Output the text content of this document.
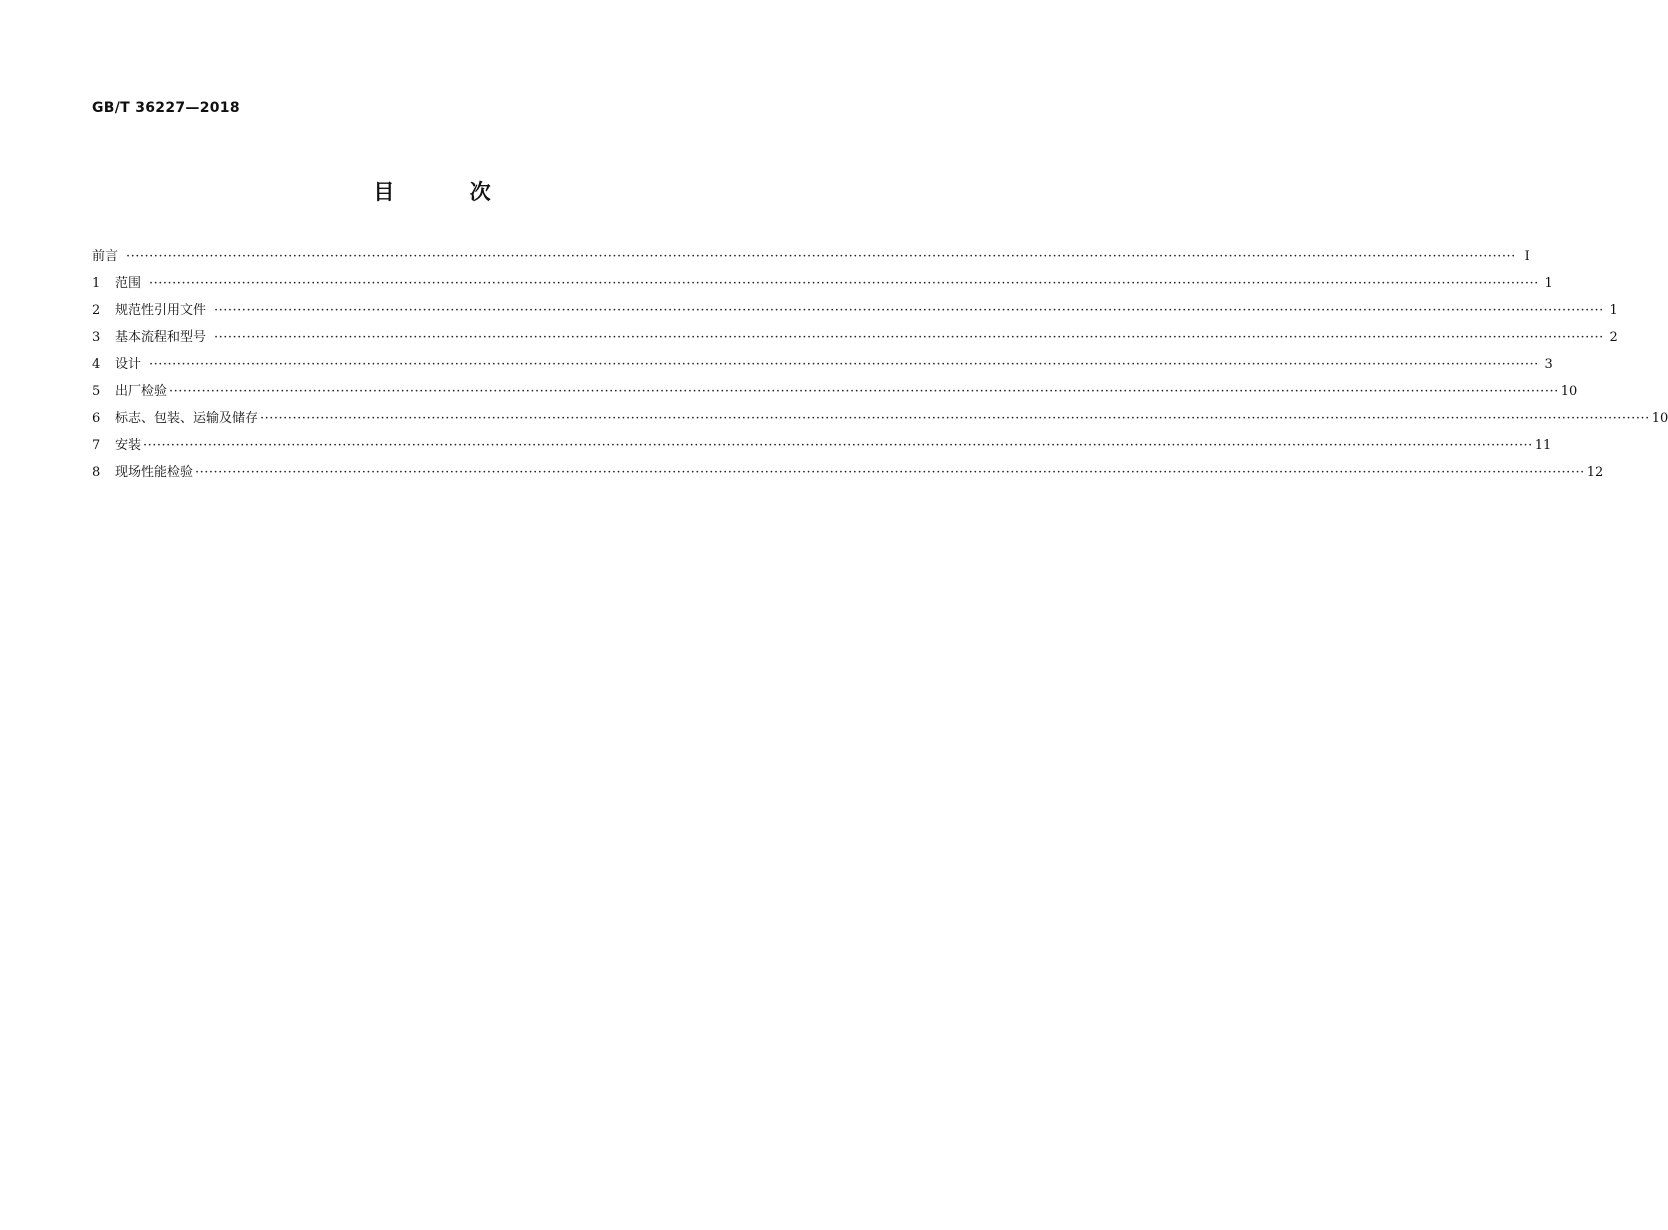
GB/T 36227—2018
目 次
前言 ············································································································································································································································································································ Ⅰ
1	范围 ············································································································································································································································································································ 1
2	规范性引用文件 ············································································································································································································································································································ 1
3	基本流程和型号 ············································································································································································································································································································ 2
4	设计 ············································································································································································································································································································ 3
5	出厂检验 ············································································································································································································································································································ 10
6	标志、包装、运输及储存 ············································································································································································································································································································ 10
7	安装 ············································································································································································································································································································ 11
8	现场性能检验 ············································································································································································································································································································ 12
